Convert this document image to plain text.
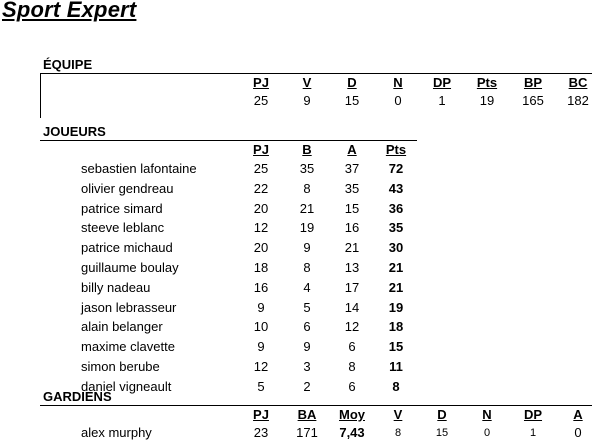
Sport Expert
ÉQUIPE
PJ	V	D	N	DP	Pts	BP	BC
25	9	15	0	1	19	165	182
JOUEURS
PJ	B	A	Pts
sebastien lafontaine	25	35	37	72
olivier gendreau	22	8	35	43
patrice simard	20	21	15	36
steeve leblanc	12	19	16	35
patrice michaud	20	9	21	30
guillaume boulay	18	8	13	21
billy nadeau	16	4	17	21
jason lebrasseur	9	5	14	19
alain belanger	10	6	12	18
maxime clavette	9	9	6	15
simon berube	12	3	8	11
daniel vigneault	5	2	6	8
GARDIENS
PJ	BA	Moy	V	D	N	DP	A
alex murphy	23	171	7,43	8	15	0	1	0
